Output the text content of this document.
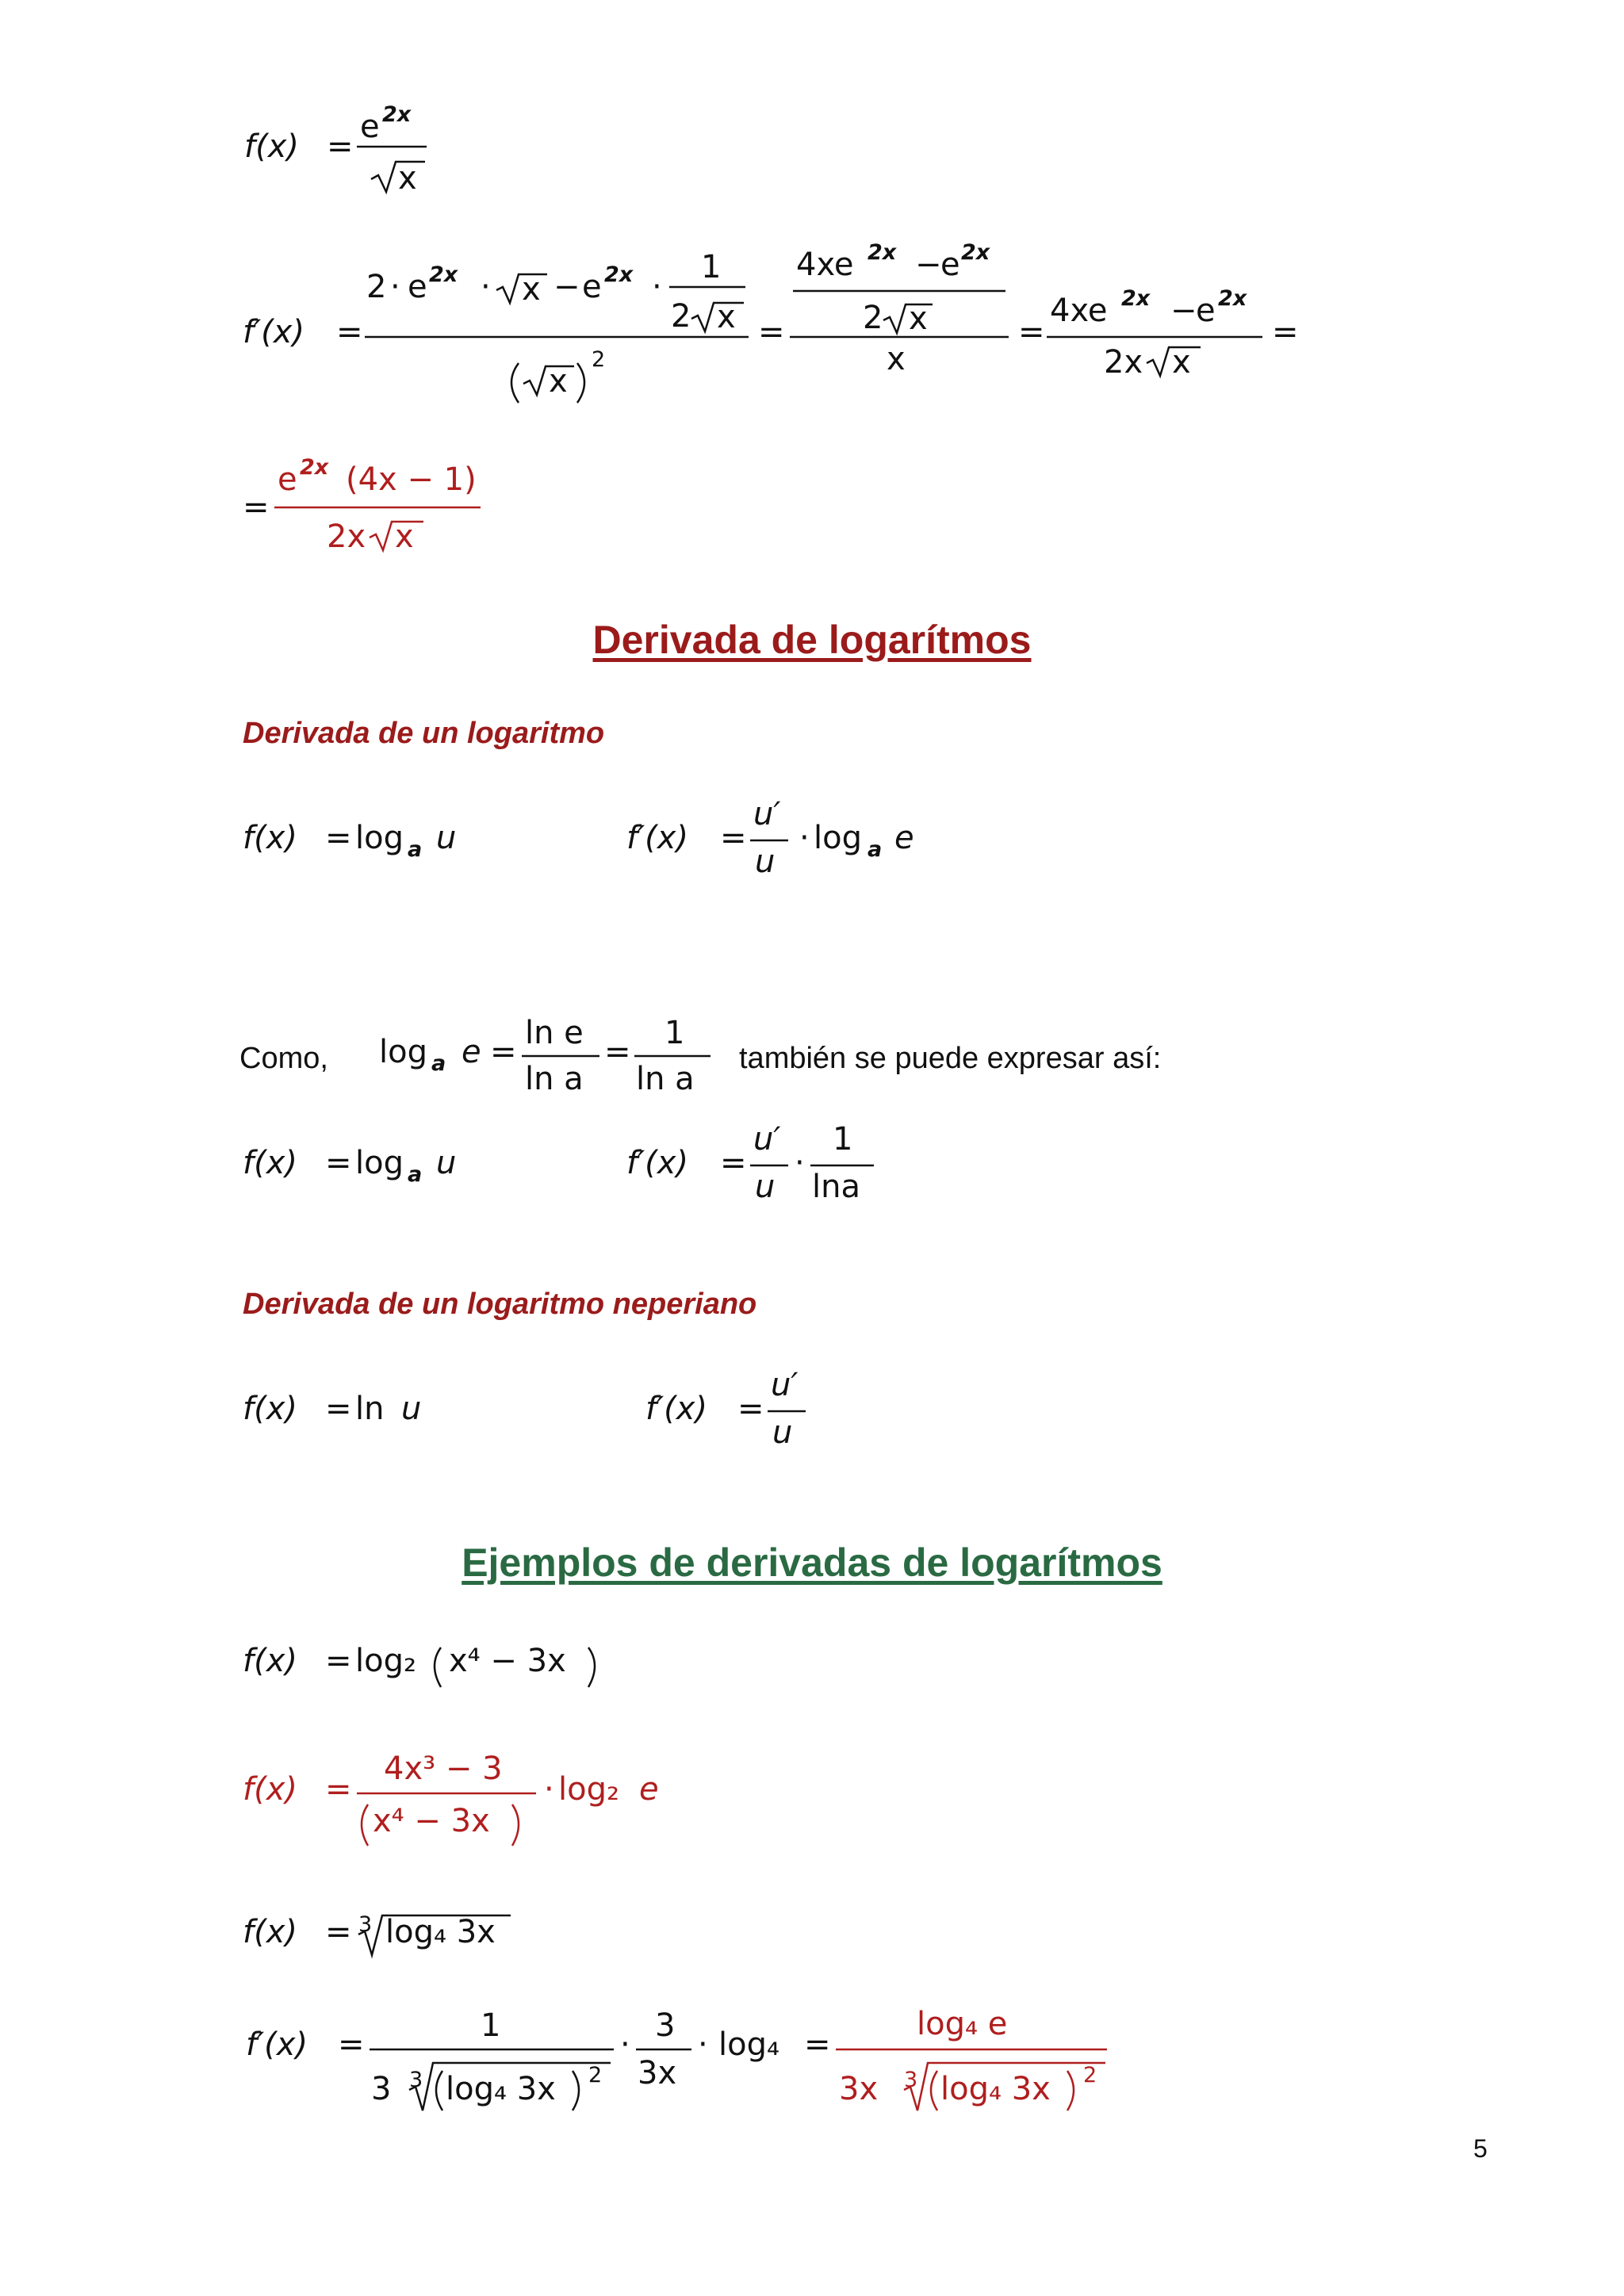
f(x) =
e 2x
x
f′(x) =
2 · e 2x · x − e 2x ·
1
2 x
x
2
=
4xe 2x −
e 2x
2 x
x
=
4xe 2x −
e 2x
2x x
=
=
e 2x (4x − 1)
2x x
f(x) = log a u	f′(x) =
u′
u
· log a e
log a e =
ln e
ln a
=
1
ln a
f(x) = log a u	f′(x) =
u′
u
·
1
lna
f(x) = ln u	f′(x) =
u′
u
f(x) = log₂ x⁴ − 3x
f(x) =
4x³ − 3
x⁴ − 3x
· log₂ e
f(x) = 3 log₄ 3x
f′(x) =
1
3 3 log₄ 3x 2
·
3
3x
· log₄ =
log₄ e
3x 3 log₄ 3x 2
Derivada de logarítmos
Derivada de un logaritmo
Como,	también se puede expresar así:
Derivada de un logaritmo neperiano
Ejemplos de derivadas de logarítmos
5
